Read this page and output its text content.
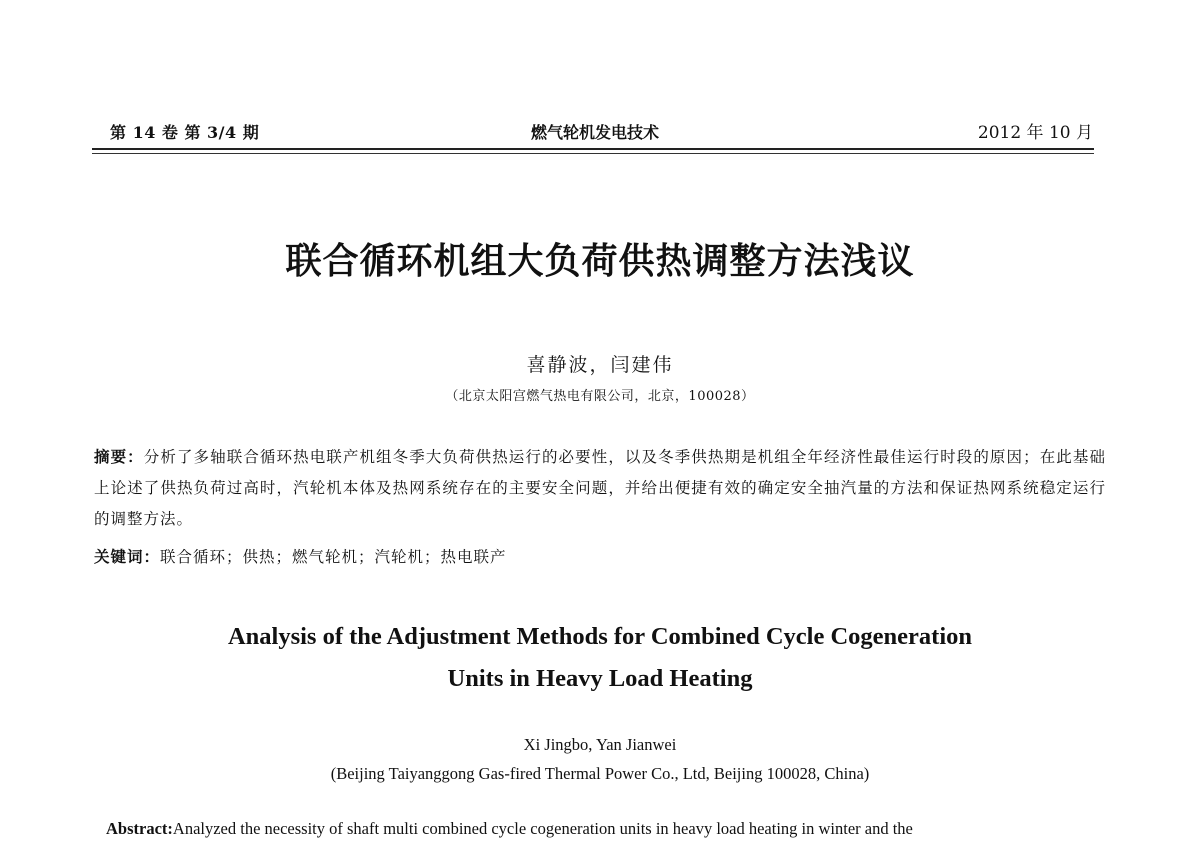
第 14 卷 第 3/4 期	燃气轮机发电技术	2012 年 10 月
联合循环机组大负荷供热调整方法浅议
喜静波，闫建伟
（北京太阳宫燃气热电有限公司，北京，100028）
摘要：分析了多轴联合循环热电联产机组冬季大负荷供热运行的必要性，以及冬季供热期是机组全年经济性最佳运行时段的原因；在此基础上论述了供热负荷过高时，汽轮机本体及热网系统存在的主要安全问题，并给出便捷有效的确定安全抽汽量的方法和保证热网系统稳定运行的调整方法。
关键词：联合循环；供热；燃气轮机；汽轮机；热电联产
Analysis of the Adjustment Methods for Combined Cycle Cogeneration
Units in Heavy Load Heating
Xi Jingbo, Yan Jianwei
(Beijing Taiyanggong Gas-fired Thermal Power Co., Ltd, Beijing 100028, China)
Abstract:Analyzed the necessity of shaft multi combined cycle cogeneration units in heavy load heating in winter and the
